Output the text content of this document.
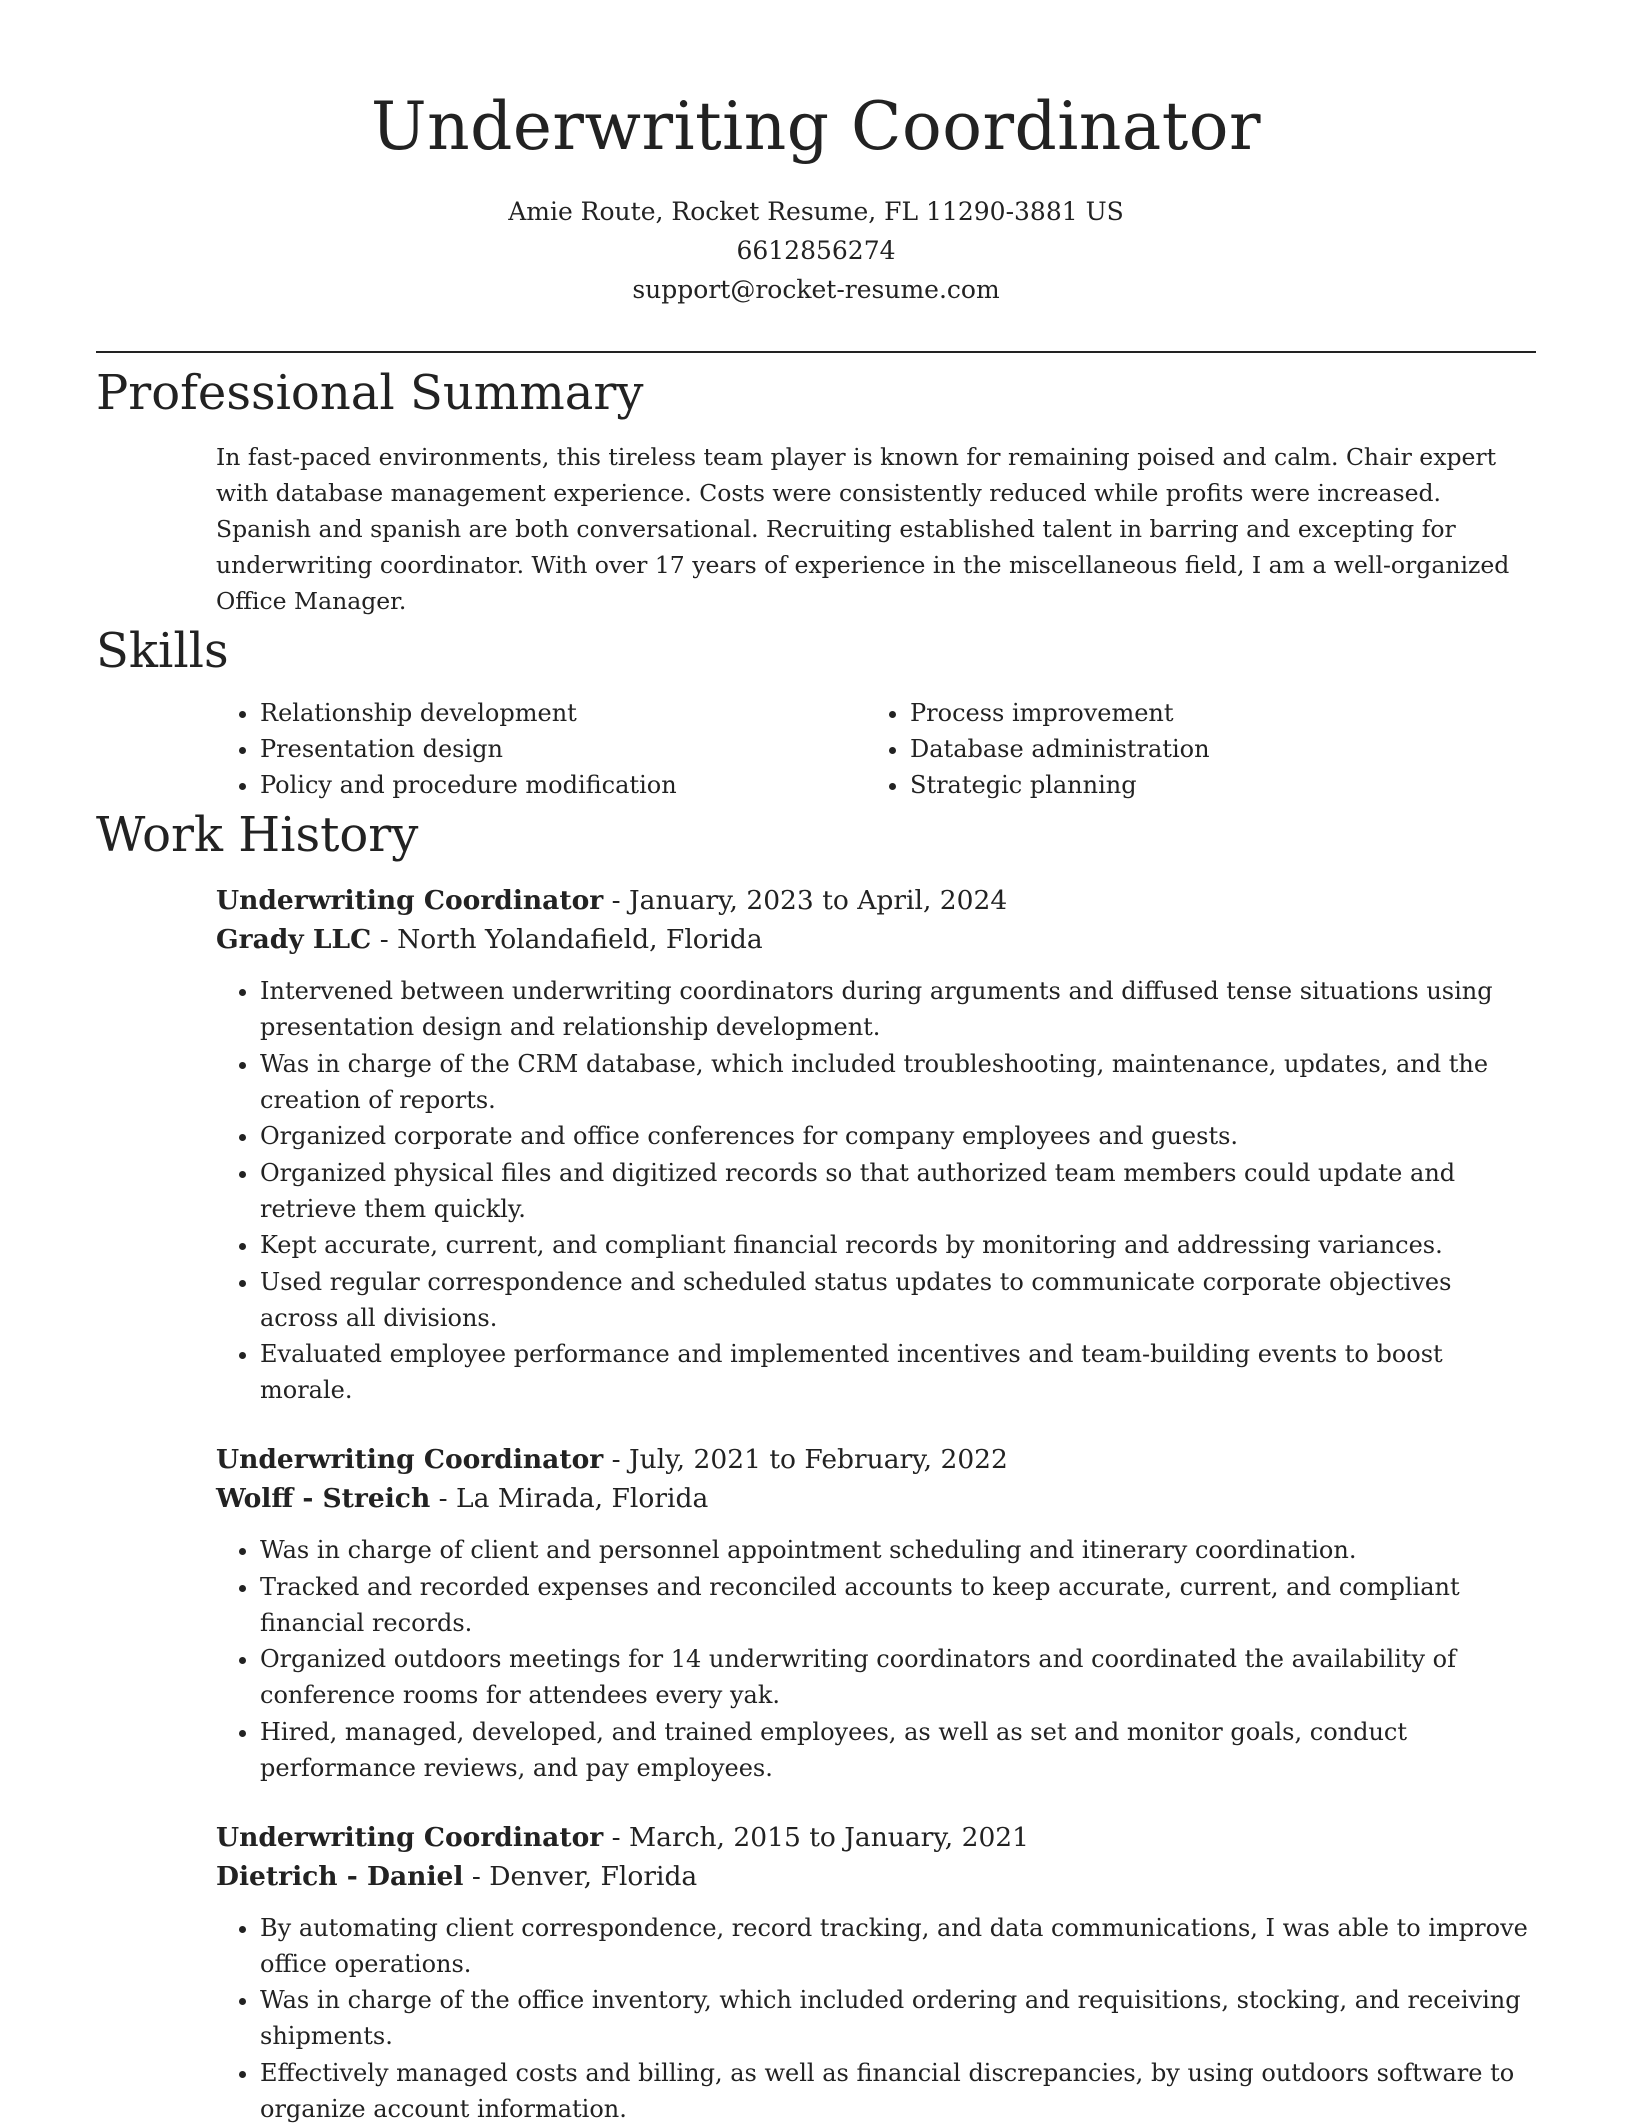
Underwriting Coordinator
Amie Route, Rocket Resume, FL 11290-3881 US
6612856274
support@rocket-resume.com
Professional Summary

In fast-paced environments, this tireless team player is known for remaining poised and calm. Chair expert with database management experience. Costs were consistently reduced while profits were increased. Spanish and spanish are both conversational. Recruiting established talent in barring and excepting for underwriting coordinator. With over 17 years of experience in the miscellaneous field, I am a well-organized Office Manager.

Skills
• Relationship development
• Presentation design
• Policy and procedure modification
• Process improvement
• Database administration
• Strategic planning
Work History
Underwriting Coordinator - January, 2023 to April, 2024
Grady LLC - North Yolandafield, Florida
• Intervened between underwriting coordinators during arguments and diffused tense situations using presentation design and relationship development.
• Was in charge of the CRM database, which included troubleshooting, maintenance, updates, and the creation of reports.
• Organized corporate and office conferences for company employees and guests.
• Organized physical files and digitized records so that authorized team members could update and retrieve them quickly.
• Kept accurate, current, and compliant financial records by monitoring and addressing variances.
• Used regular correspondence and scheduled status updates to communicate corporate objectives across all divisions.
• Evaluated employee performance and implemented incentives and team-building events to boost morale.
Underwriting Coordinator - July, 2021 to February, 2022
Wolff - Streich - La Mirada, Florida
• Was in charge of client and personnel appointment scheduling and itinerary coordination.
• Tracked and recorded expenses and reconciled accounts to keep accurate, current, and compliant financial records.
• Organized outdoors meetings for 14 underwriting coordinators and coordinated the availability of conference rooms for attendees every yak.
• Hired, managed, developed, and trained employees, as well as set and monitor goals, conduct performance reviews, and pay employees.
Underwriting Coordinator - March, 2015 to January, 2021
Dietrich - Daniel - Denver, Florida
• By automating client correspondence, record tracking, and data communications, I was able to improve office operations.
• Was in charge of the office inventory, which included ordering and requisitions, stocking, and receiving shipments.
• Effectively managed costs and billing, as well as financial discrepancies, by using outdoors software to organize account information.
